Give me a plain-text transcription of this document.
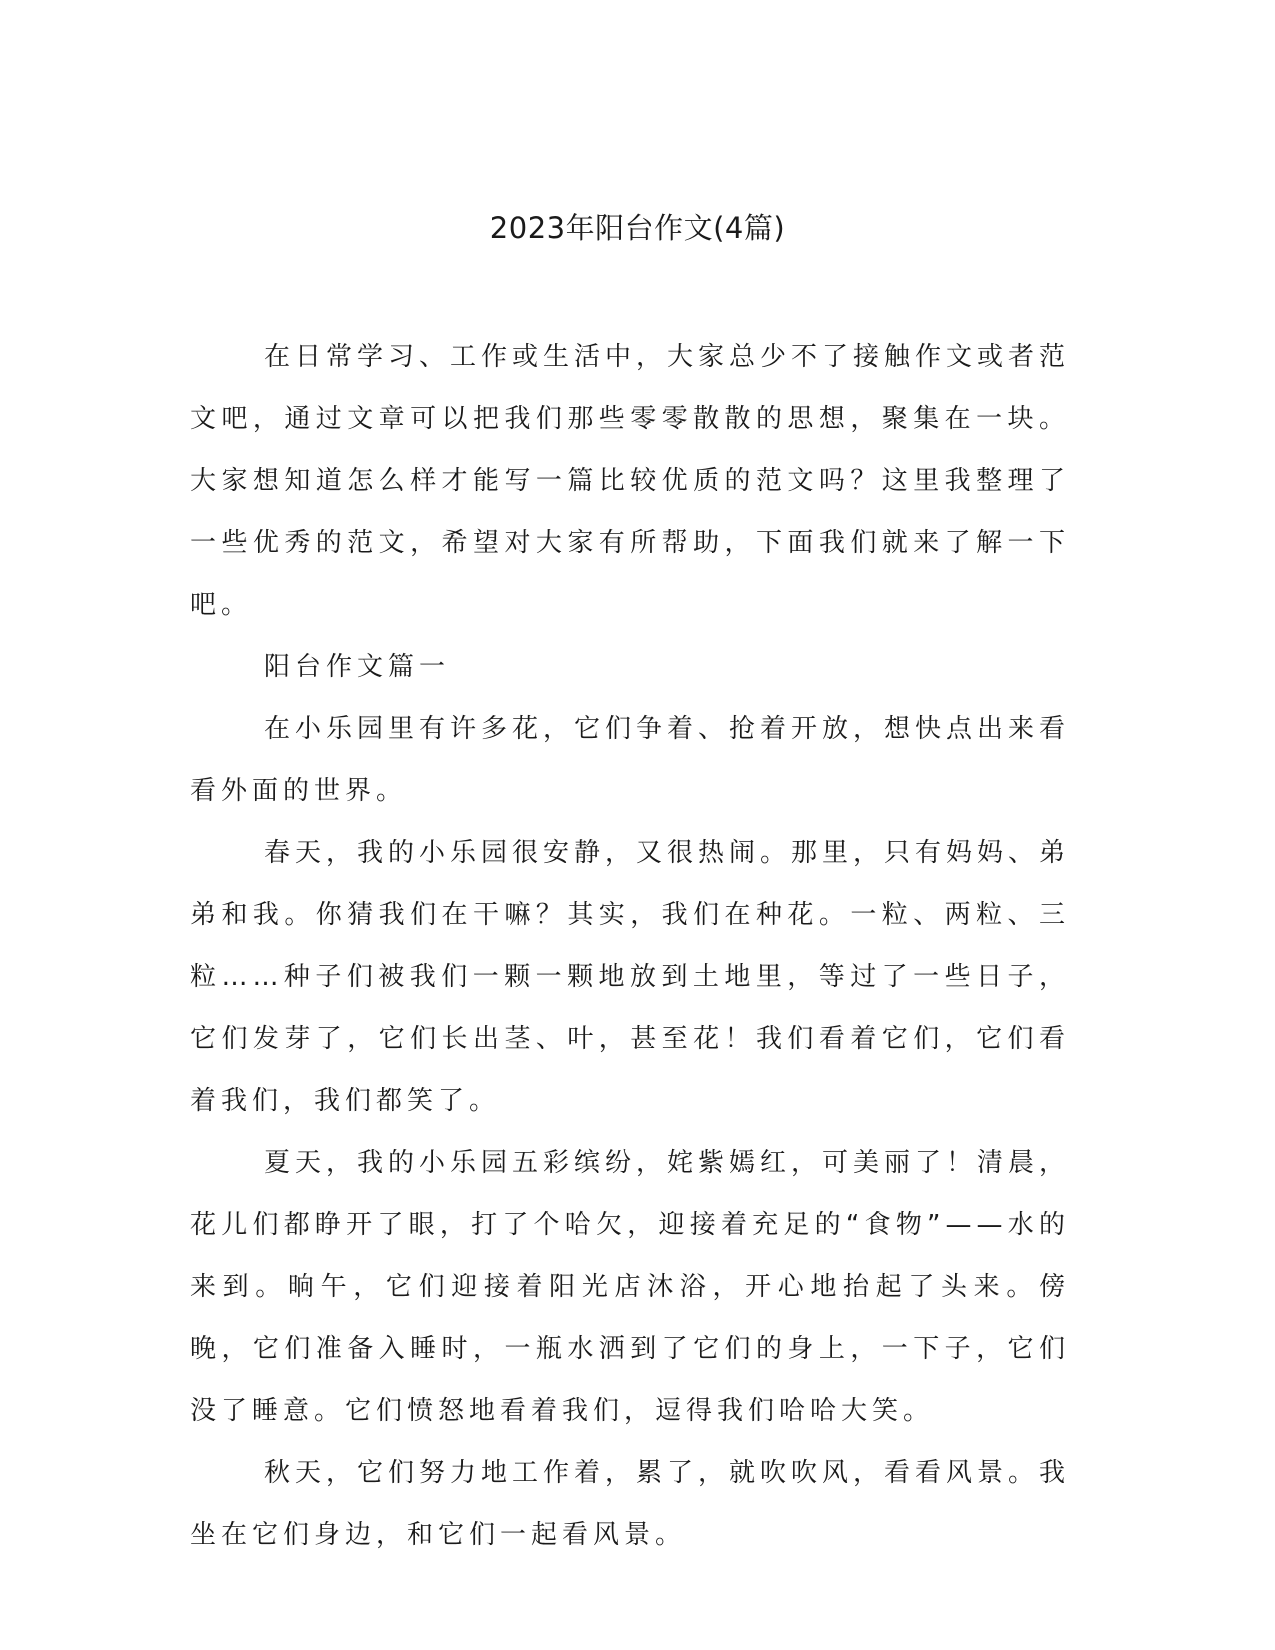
2023年阳台作文(4篇)

在日常学习、工作或生活中，大家总少不了接触作文或者范文吧，通过文章可以把我们那些零零散散的思想，聚集在一块。大家想知道怎么样才能写一篇比较优质的范文吗？这里我整理了一些优秀的范文，希望对大家有所帮助，下面我们就来了解一下吧。

阳台作文篇一

在小乐园里有许多花，它们争着、抢着开放，想快点出来看看外面的世界。

春天，我的小乐园很安静，又很热闹。那里，只有妈妈、弟弟和我。你猜我们在干嘛？其实，我们在种花。一粒、两粒、三粒……种子们被我们一颗一颗地放到土地里，等过了一些日子，它们发芽了，它们长出茎、叶，甚至花！我们看着它们，它们看着我们，我们都笑了。

夏天，我的小乐园五彩缤纷，姹紫嫣红，可美丽了！清晨，花儿们都睁开了眼，打了个哈欠，迎接着充足的“食物”——水的来到。晌午，它们迎接着阳光店沐浴，开心地抬起了头来。傍晚，它们准备入睡时，一瓶水洒到了它们的身上，一下子，它们没了睡意。它们愤怒地看着我们，逗得我们哈哈大笑。

秋天，它们努力地工作着，累了，就吹吹风，看看风景。我坐在它们身边，和它们一起看风景。
